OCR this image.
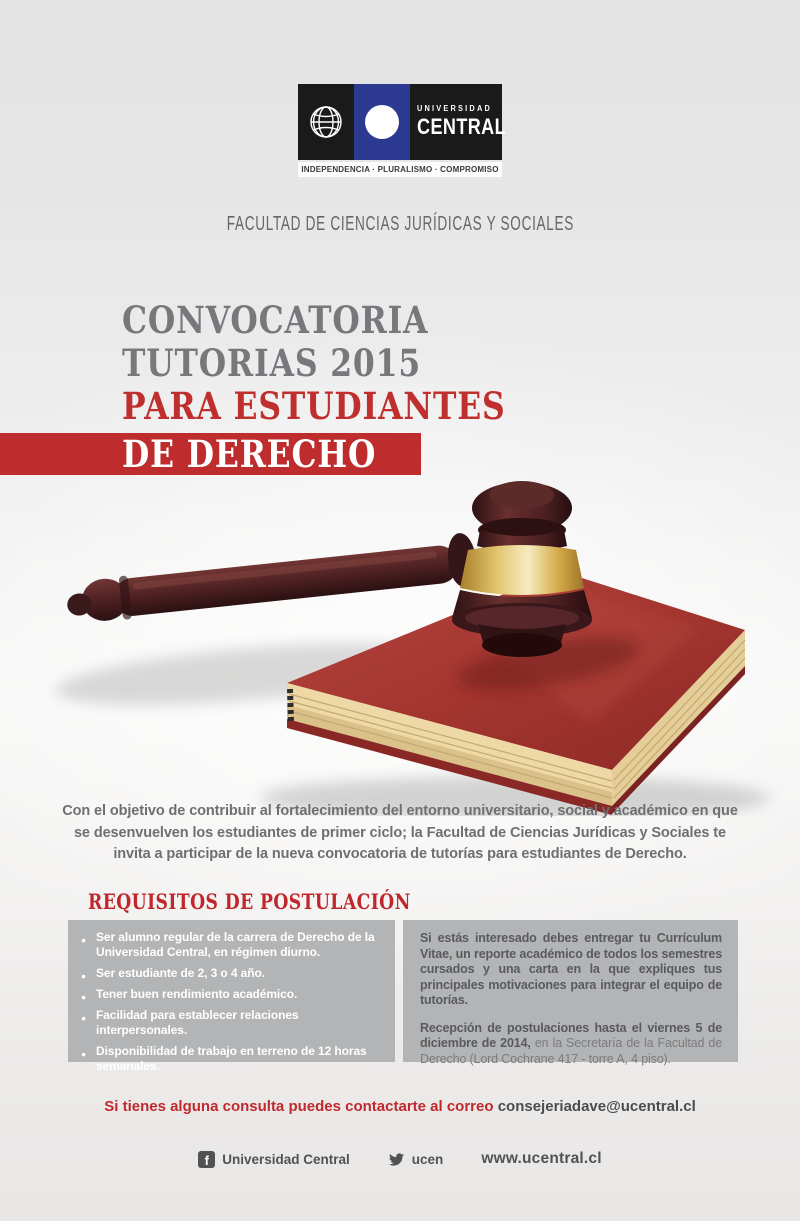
UNIVERSIDAD
CENTRAL
INDEPENDENCIA · PLURALISMO · COMPROMISO
FACULTAD DE CIENCIAS JURÍDICAS Y SOCIALES
CONVOCATORIA
TUTORIAS 2015
PARA ESTUDIANTES
DE DERECHO

Con el objetivo de contribuir al fortalecimiento del entorno universitario, social y académico en que se desenvuelven los estudiantes de primer ciclo; la Facultad de Ciencias Jurídicas y Sociales te invita a participar de la nueva convocatoria de tutorías para estudiantes de Derecho.

REQUISITOS DE POSTULACIÓN
● Ser alumno regular de la carrera de Derecho de la Universidad Central, en régimen diurno.
● Ser estudiante de 2, 3 o 4 año.
● Tener buen rendimiento académico.
● Facilidad para establecer relaciones interpersonales.
● Disponibilidad de trabajo en terreno de 12 horas semanales.

Si estás interesado debes entregar tu Currículum Vitae, un reporte académico de todos los semestres cursados y una carta en la que expliques tus principales motivaciones para integrar el equipo de tutorías.

Recepción de postulaciones hasta el viernes 5 de diciembre de 2014, en la Secretaría de la Facultad de Derecho (Lord Cochrane 417 - torre A, 4 piso).

Si tienes alguna consulta puedes contactarte al correo consejeriadave@ucentral.cl

f Universidad Central	ucen www.ucentral.cl
